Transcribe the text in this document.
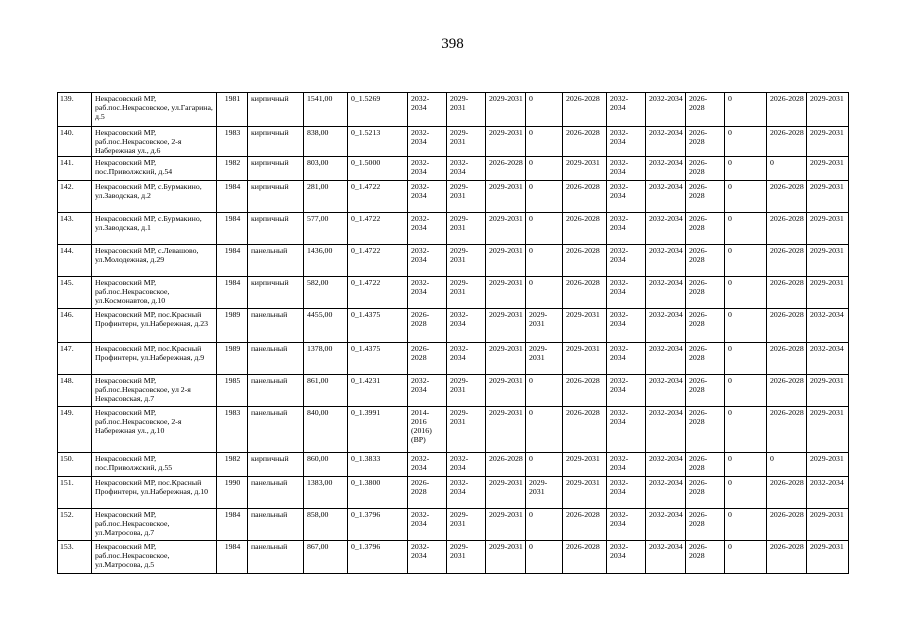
398
139.	Некрасовский МР, раб.пос.Некрасовское, ул.Гагарина, д.5	1981	кирпичный	1541,00	0_1.5269	2032-2034	2029-2031	2029-2031	0	2026-2028	2032-2034	2032-2034	2026-2028	0	2026-2028	2029-2031
140.	Некрасовский МР, раб.пос.Некрасовское, 2-я Набережная ул., д.6	1983	кирпичный	838,00	0_1.5213	2032-2034	2029-2031	2029-2031	0	2026-2028	2032-2034	2032-2034	2026-2028	0	2026-2028	2029-2031
141.	Некрасовский МР, пос.Приволжский, д.54	1982	кирпичный	803,00	0_1.5000	2032-2034	2032-2034	2026-2028	0	2029-2031	2032-2034	2032-2034	2026-2028	0	0	2029-2031
142.	Некрасовский МР, с.Бурмакино, ул.Заводская, д.2	1984	кирпичный	281,00	0_1.4722	2032-2034	2029-2031	2029-2031	0	2026-2028	2032-2034	2032-2034	2026-2028	0	2026-2028	2029-2031
143.	Некрасовский МР, с.Бурмакино, ул.Заводская, д.1	1984	кирпичный	577,00	0_1.4722	2032-2034	2029-2031	2029-2031	0	2026-2028	2032-2034	2032-2034	2026-2028	0	2026-2028	2029-2031
144.	Некрасовский МР, с.Левашово, ул.Молодежная, д.29	1984	панельный	1436,00	0_1.4722	2032-2034	2029-2031	2029-2031	0	2026-2028	2032-2034	2032-2034	2026-2028	0	2026-2028	2029-2031
145.	Некрасовский МР, раб.пос.Некрасовское, ул.Космонавтов, д.10	1984	кирпичный	582,00	0_1.4722	2032-2034	2029-2031	2029-2031	0	2026-2028	2032-2034	2032-2034	2026-2028	0	2026-2028	2029-2031
146.	Некрасовский МР, пос.Красный Профинтерн, ул.Набережная, д.23	1989	панельный	4455,00	0_1.4375	2026-2028	2032-2034	2029-2031	2029-2031	2029-2031	2032-2034	2032-2034	2026-2028	0	2026-2028	2032-2034
147.	Некрасовский МР, пос.Красный Профинтерн, ул.Набережная, д.9	1989	панельный	1378,00	0_1.4375	2026-2028	2032-2034	2029-2031	2029-2031	2029-2031	2032-2034	2032-2034	2026-2028	0	2026-2028	2032-2034
148.	Некрасовский МР, раб.пос.Некрасовское, ул 2-я Некрасовская, д.7	1985	панельный	861,00	0_1.4231	2032-2034	2029-2031	2029-2031	0	2026-2028	2032-2034	2032-2034	2026-2028	0	2026-2028	2029-2031
149.	Некрасовский МР, раб.пос.Некрасовское, 2-я Набережная ул., д.10	1983	панельный	840,00	0_1.3991	2014-2016 (2016) (ВР)	2029-2031	2029-2031	0	2026-2028	2032-2034	2032-2034	2026-2028	0	2026-2028	2029-2031
150.	Некрасовский МР, пос.Приволжский, д.55	1982	кирпичный	860,00	0_1.3833	2032-2034	2032-2034	2026-2028	0	2029-2031	2032-2034	2032-2034	2026-2028	0	0	2029-2031
151.	Некрасовский МР, пос.Красный Профинтерн, ул.Набережная, д.10	1990	панельный	1383,00	0_1.3800	2026-2028	2032-2034	2029-2031	2029-2031	2029-2031	2032-2034	2032-2034	2026-2028	0	2026-2028	2032-2034
152.	Некрасовский МР, раб.пос.Некрасовское, ул.Матросова, д.7	1984	панельный	858,00	0_1.3796	2032-2034	2029-2031	2029-2031	0	2026-2028	2032-2034	2032-2034	2026-2028	0	2026-2028	2029-2031
153.	Некрасовский МР, раб.пос.Некрасовское, ул.Матросова, д.5	1984	панельный	867,00	0_1.3796	2032-2034	2029-2031	2029-2031	0	2026-2028	2032-2034	2032-2034	2026-2028	0	2026-2028	2029-2031
